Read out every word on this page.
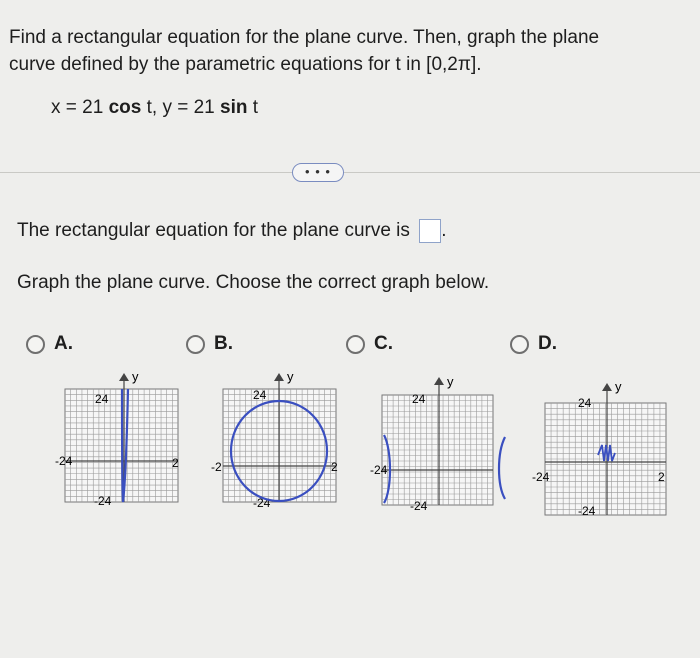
Find a rectangular equation for the plane curve. Then, graph the plane
curve defined by the parametric equations for t in [0,2π].
x = 21 cos t, y = 21 sin t
• • •
The rectangular equation for the plane curve is .
Graph the plane curve. Choose the correct graph below.
A.	B.	C.	D.
y
24
-24
-24	2
y
24
-24
-2	2
y
24
-24
-24
y
24
-24
-24	2
